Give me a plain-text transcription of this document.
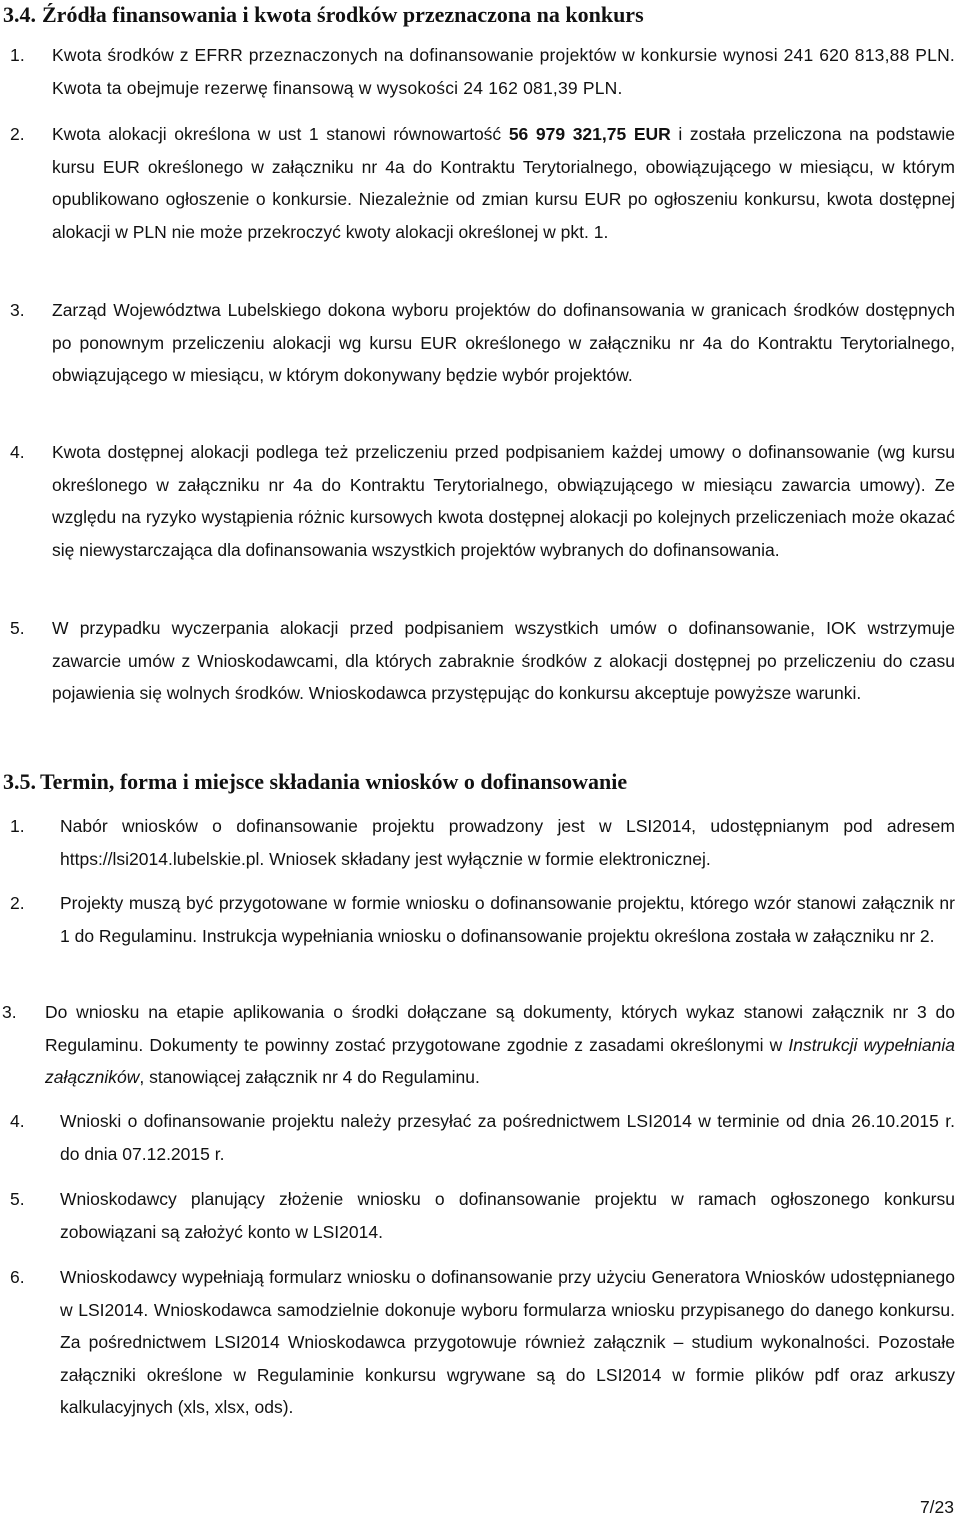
3.4. Źródła finansowania i kwota środków przeznaczona na konkurs
1. Kwota środków z EFRR przeznaczonych na dofinansowanie projektów w konkursie wynosi 241 620 813,88 PLN. Kwota ta obejmuje rezerwę finansową w wysokości 24 162 081,39 PLN.
2. Kwota alokacji określona w ust 1 stanowi równowartość 56 979 321,75 EUR i została przeliczona na podstawie kursu EUR określonego w załączniku nr 4a do Kontraktu Terytorialnego, obowiązującego w miesiącu, w którym opublikowano ogłoszenie o konkursie. Niezależnie od zmian kursu EUR po ogłoszeniu konkursu, kwota dostępnej alokacji w PLN nie może przekroczyć kwoty alokacji określonej w pkt. 1.
3. Zarząd Województwa Lubelskiego dokona wyboru projektów do dofinansowania w granicach środków dostępnych po ponownym przeliczeniu alokacji wg kursu EUR określonego w załączniku nr 4a do Kontraktu Terytorialnego, obwiązującego w miesiącu, w którym dokonywany będzie wybór projektów.
4. Kwota dostępnej alokacji podlega też przeliczeniu przed podpisaniem każdej umowy o dofinansowanie (wg kursu określonego w załączniku nr 4a do Kontraktu Terytorialnego, obwiązującego w miesiącu zawarcia umowy). Ze względu na ryzyko wystąpienia różnic kursowych kwota dostępnej alokacji po kolejnych przeliczeniach może okazać się niewystarczająca dla dofinansowania wszystkich projektów wybranych do dofinansowania.
5. W przypadku wyczerpania alokacji przed podpisaniem wszystkich umów o dofinansowanie, IOK wstrzymuje zawarcie umów z Wnioskodawcami, dla których zabraknie środków z alokacji dostępnej po przeliczeniu do czasu pojawienia się wolnych środków. Wnioskodawca przystępując do konkursu akceptuje powyższe warunki.
3.5. Termin, forma i miejsce składania wniosków o dofinansowanie
1. Nabór wniosków o dofinansowanie projektu prowadzony jest w LSI2014, udostępnianym pod adresem https://lsi2014.lubelskie.pl. Wniosek składany jest wyłącznie w formie elektronicznej.
2. Projekty muszą być przygotowane w formie wniosku o dofinansowanie projektu, którego wzór stanowi załącznik nr 1 do Regulaminu. Instrukcja wypełniania wniosku o dofinansowanie projektu określona została w załączniku nr 2.
3. Do wniosku na etapie aplikowania o środki dołączane są dokumenty, których wykaz stanowi załącznik nr 3 do Regulaminu. Dokumenty te powinny zostać przygotowane zgodnie z zasadami określonymi w Instrukcji wypełniania załączników, stanowiącej załącznik nr 4 do Regulaminu.
4. Wnioski o dofinansowanie projektu należy przesyłać za pośrednictwem LSI2014 w terminie od dnia 26.10.2015 r. do dnia 07.12.2015 r.
5. Wnioskodawcy planujący złożenie wniosku o dofinansowanie projektu w ramach ogłoszonego konkursu zobowiązani są założyć konto w LSI2014.
6. Wnioskodawcy wypełniają formularz wniosku o dofinansowanie przy użyciu Generatora Wniosków udostępnianego w LSI2014. Wnioskodawca samodzielnie dokonuje wyboru formularza wniosku przypisanego do danego konkursu. Za pośrednictwem LSI2014 Wnioskodawca przygotowuje również załącznik – studium wykonalności. Pozostałe załączniki określone w Regulaminie konkursu wgrywane są do LSI2014 w formie plików pdf oraz arkuszy kalkulacyjnych (xls, xlsx, ods).

7/23
